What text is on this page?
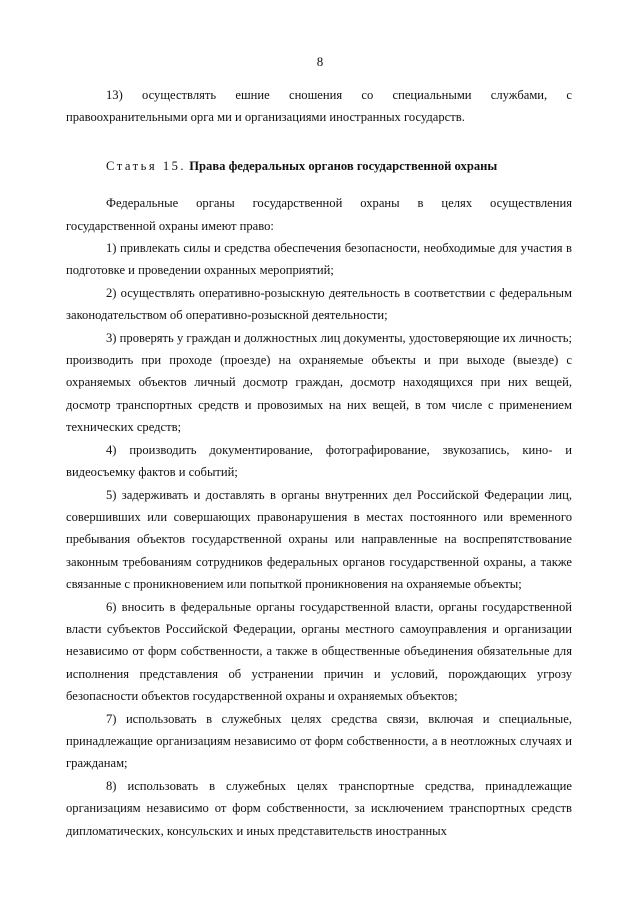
8

13) осуществлять ешние сношения со специальными службами, с правоохранительными орга ми и организациями иностранных государств.

Статья 15. Права федеральных органов государственной охраны

Федеральные органы государственной охраны в целях осуществления государственной охраны имеют право:

1) привлекать силы и средства обеспечения безопасности, необходимые для участия в подготовке и проведении охранных мероприятий;

2) осуществлять оперативно-розыскную деятельность в соответствии с федеральным законодательством об оперативно-розыскной деятельности;

3) проверять у граждан и должностных лиц документы, удостоверяющие их личность; производить при проходе (проезде) на охраняемые объекты и при выходе (выезде) с охраняемых объектов личный досмотр граждан, досмотр находящихся при них вещей, досмотр транспортных средств и провозимых на них вещей, в том числе с применением технических средств;

4) производить документирование, фотографирование, звукозапись, кино- и видеосъемку фактов и событий;

5) задерживать и доставлять в органы внутренних дел Российской Федерации лиц, совершивших или совершающих правонарушения в местах постоянного или временного пребывания объектов государственной охраны или направленные на воспрепятствование законным требованиям сотрудников федеральных органов государственной охраны, а также связанные с проникновением или попыткой проникновения на охраняемые объекты;

6) вносить в федеральные органы государственной власти, органы государственной власти субъектов Российской Федерации, органы местного самоуправления и организации независимо от форм собственности, а также в общественные объединения обязательные для исполнения представления об устранении причин и условий, порождающих угрозу безопасности объектов государственной охраны и охраняемых объектов;

7) использовать в служебных целях средства связи, включая и специальные, принадлежащие организациям независимо от форм собственности, а в неотложных случаях и гражданам;

8) использовать в служебных целях транспортные средства, принадлежащие организациям независимо от форм собственности, за исключением транспортных средств дипломатических, консульских и иных представительств иностранных
